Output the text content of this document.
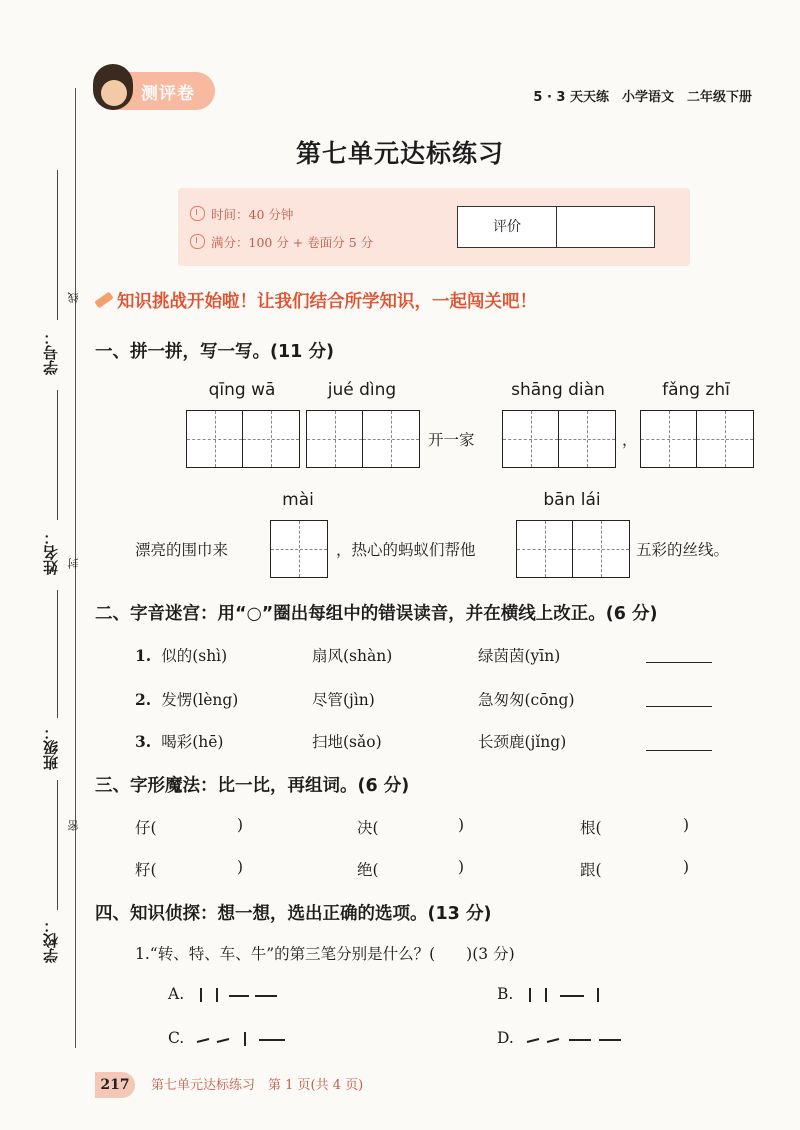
学号：
线
姓名： 封
班级：
密
学校：
测评卷	5 · 3 天天练　小学语文　二年级下册
第七单元达标练习
时间：40 分钟
满分：100 分 + 卷面分 5 分
评价
知识挑战开始啦！让我们结合所学知识，一起闯关吧！
一、拼一拼，写一写。(11 分)
qīng wā	jué dìng
开一家
shāng diàn
，
fǎng zhī
漂亮的围巾来
mài
，热心的蚂蚁们帮他
bān lái
五彩的丝线。
二、字音迷宫：用“○”圈出每组中的错误读音，并在横线上改正。(6 分)
1. 似的(shì)	扇风(shàn)	绿茵茵(yīn)
2. 发愣(lèng)	尽管(jìn)	急匆匆(cōng)
3. 喝彩(hē)	扫地(sǎo)	长颈鹿(jǐng)
三、字形魔法：比一比，再组词。(6 分)
仔(	)	决(	)	根(	)
籽(	)	绝(	)	跟(	)
四、知识侦探：想一想，选出正确的选项。(13 分)
1.“转、特、车、牛”的第三笔分别是什么？(　　)(3 分)
A.	B.
C.	D.
217 第七单元达标练习　第 1 页(共 4 页)
